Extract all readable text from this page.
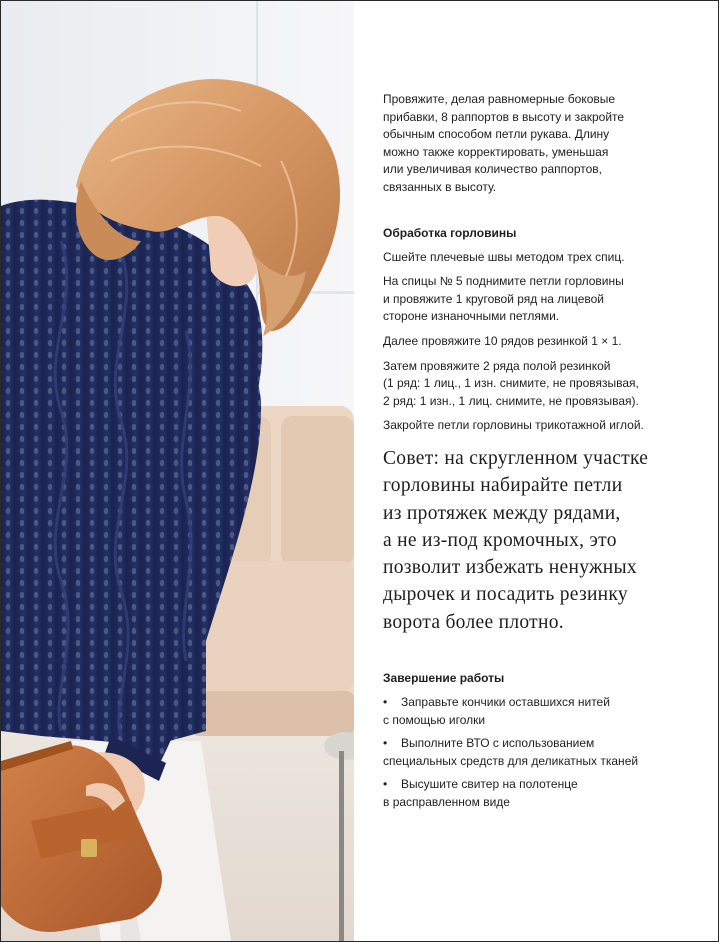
Провяжите, делая равномерные боковые
прибавки, 8 раппортов в высоту и закройте
обычным способом петли рукава. Длину
можно также корректировать, уменьшая
или увеличивая количество раппортов,
связанных в высоту.

Обработка горловины

Сшейте плечевые швы методом трех спиц.

На спицы № 5 поднимите петли горловины
и провяжите 1 круговой ряд на лицевой
стороне изнаночными петлями.

Далее провяжите 10 рядов резинкой 1 × 1.

Затем провяжите 2 ряда полой резинкой
(1 ряд: 1 лиц., 1 изн. снимите, не провязывая,
2 ряд: 1 изн., 1 лиц. снимите, не провязывая).

Закройте петли горловины трикотажной иглой.

Совет: на скругленном участке
горловины набирайте петли
из протяжек между рядами,
а не из-под кромочных, это
позволит избежать ненужных
дырочек и посадить резинку
ворота более плотно.

Завершение работы
• Заправьте кончики оставшихся нитей
с помощью иголки
• Выполните ВТО с использованием
специальных средств для деликатных тканей
• Высушите свитер на полотенце
в расправленном виде
